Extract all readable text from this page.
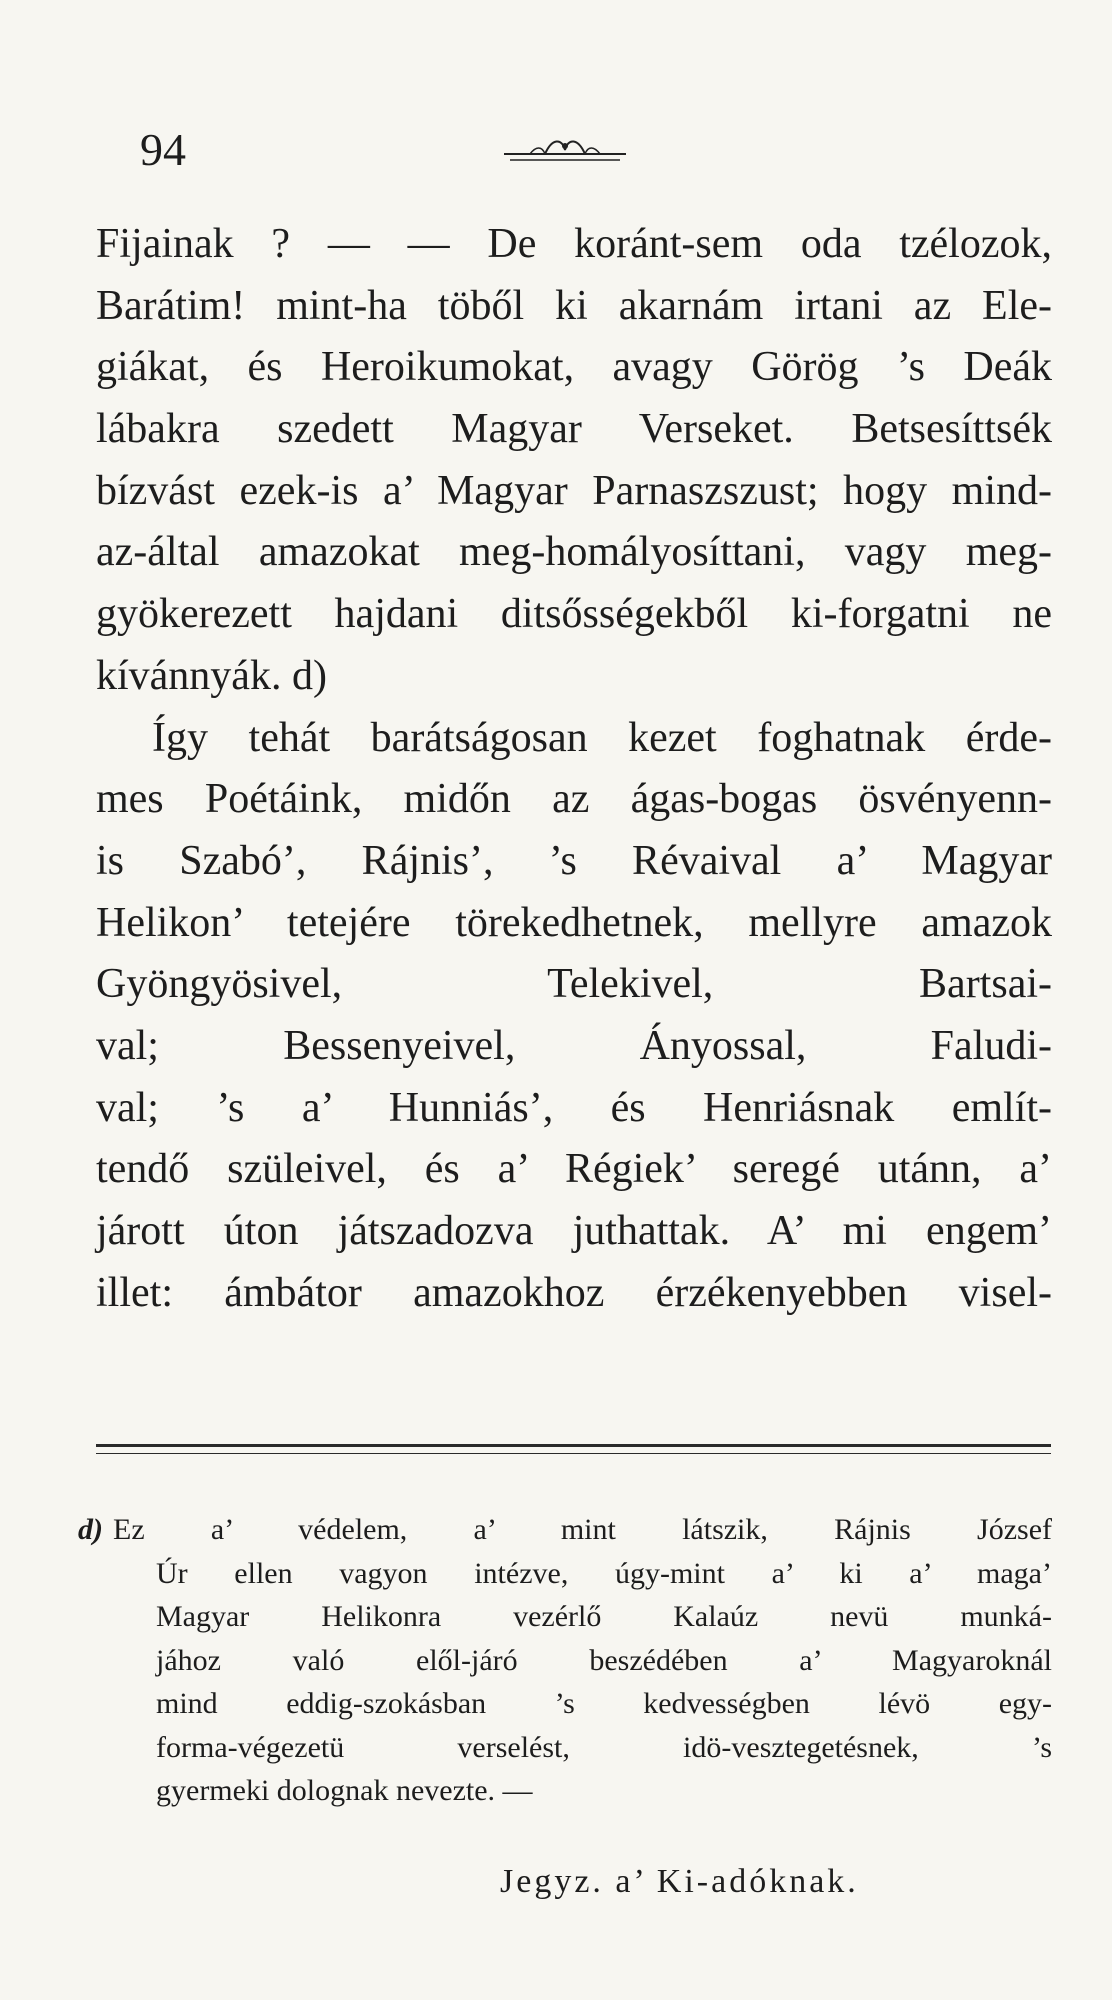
94
Fijainak ? — — De koránt-sem oda tzélozok,
Barátim! mint-ha töből ki akarnám irtani az Ele-
giákat, és Heroikumokat, avagy Görög ’s Deák
lábakra szedett Magyar Verseket. Betsesíttsék
bízvást ezek-is a’ Magyar Parnaszszust; hogy mind-
az-által amazokat meg-homályosíttani, vagy meg-
gyökerezett hajdani ditsősségekből ki-forgatni ne
kívánnyák. d)
Így tehát barátságosan kezet foghatnak érde-
mes Poétáink, midőn az ágas-bogas ösvényenn-
is Szabó’, Rájnis’, ’s Révaival a’ Magyar
Helikon’ tetejére törekedhetnek, mellyre amazok
Gyöngyösivel, Telekivel, Bartsai-
val; Bessenyeivel, Ányossal, Faludi-
val; ’s a’ Hunniás’, és Henriásnak említ-
tendő szüleivel, és a’ Régiek’ seregé utánn, a’
járott úton játszadozva juthattak. A’ mi engem’
illet: ámbátor amazokhoz érzékenyebben visel-
d) Ez a’ védelem, a’ mint látszik, Rájnis József
Úr ellen vagyon intézve, úgy-mint a’ ki a’ maga’
Magyar Helikonra vezérlő Kalaúz nevü munká-
jához való elől-járó beszédében a’ Magyaroknál
mind eddig-szokásban ’s kedvességben lévö egy-
forma-végezetü verselést, idö-vesztegetésnek, ’s
gyermeki dolognak nevezte. —
Jegyz. a’ Ki-adóknak.
